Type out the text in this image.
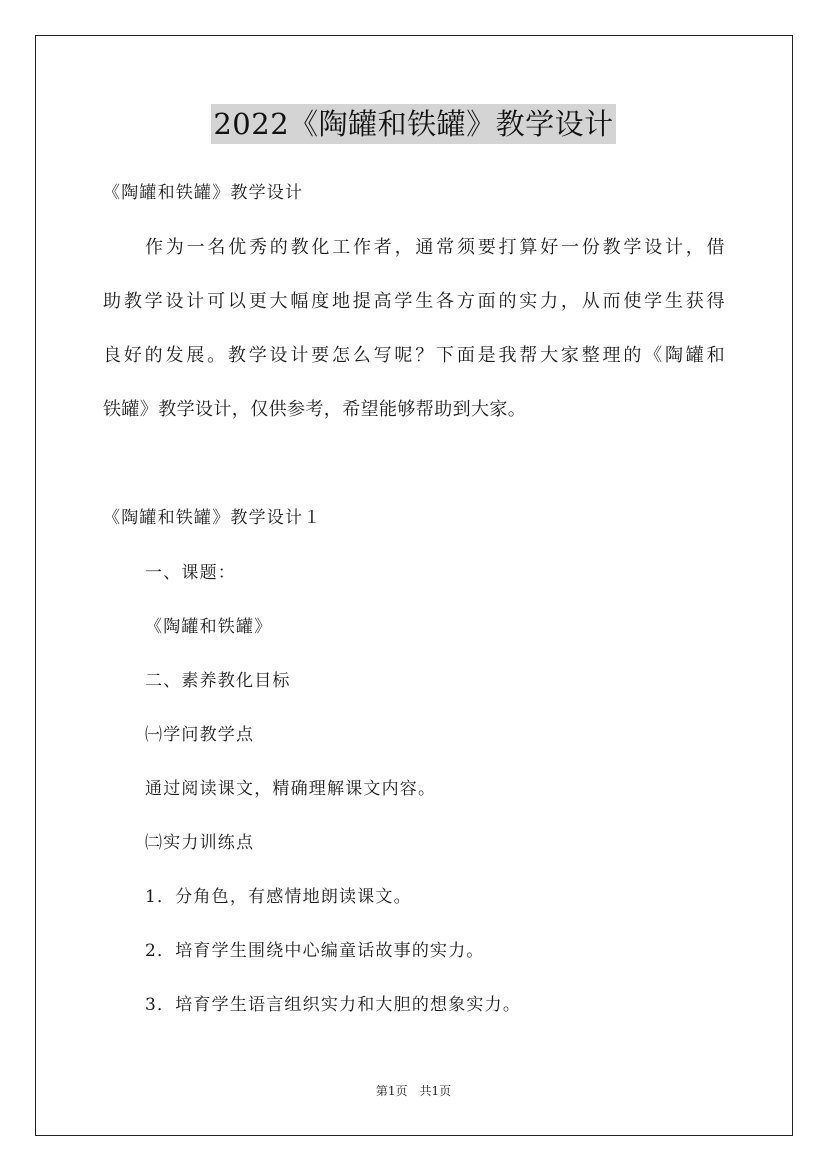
2022《陶罐和铁罐》教学设计
《陶罐和铁罐》教学设计
作为一名优秀的教化工作者，通常须要打算好一份教学设计，借
助教学设计可以更大幅度地提高学生各方面的实力，从而使学生获得
良好的发展。教学设计要怎么写呢？下面是我帮大家整理的《陶罐和
铁罐》教学设计，仅供参考，希望能够帮助到大家。
《陶罐和铁罐》教学设计１
一、课题：
《陶罐和铁罐》
二、素养教化目标
㈠学问教学点
通过阅读课文，精确理解课文内容。
㈡实力训练点
1．分角色，有感情地朗读课文。
2．培育学生围绕中心编童话故事的实力。
3．培育学生语言组织实力和大胆的想象实力。
第1页　共1页
